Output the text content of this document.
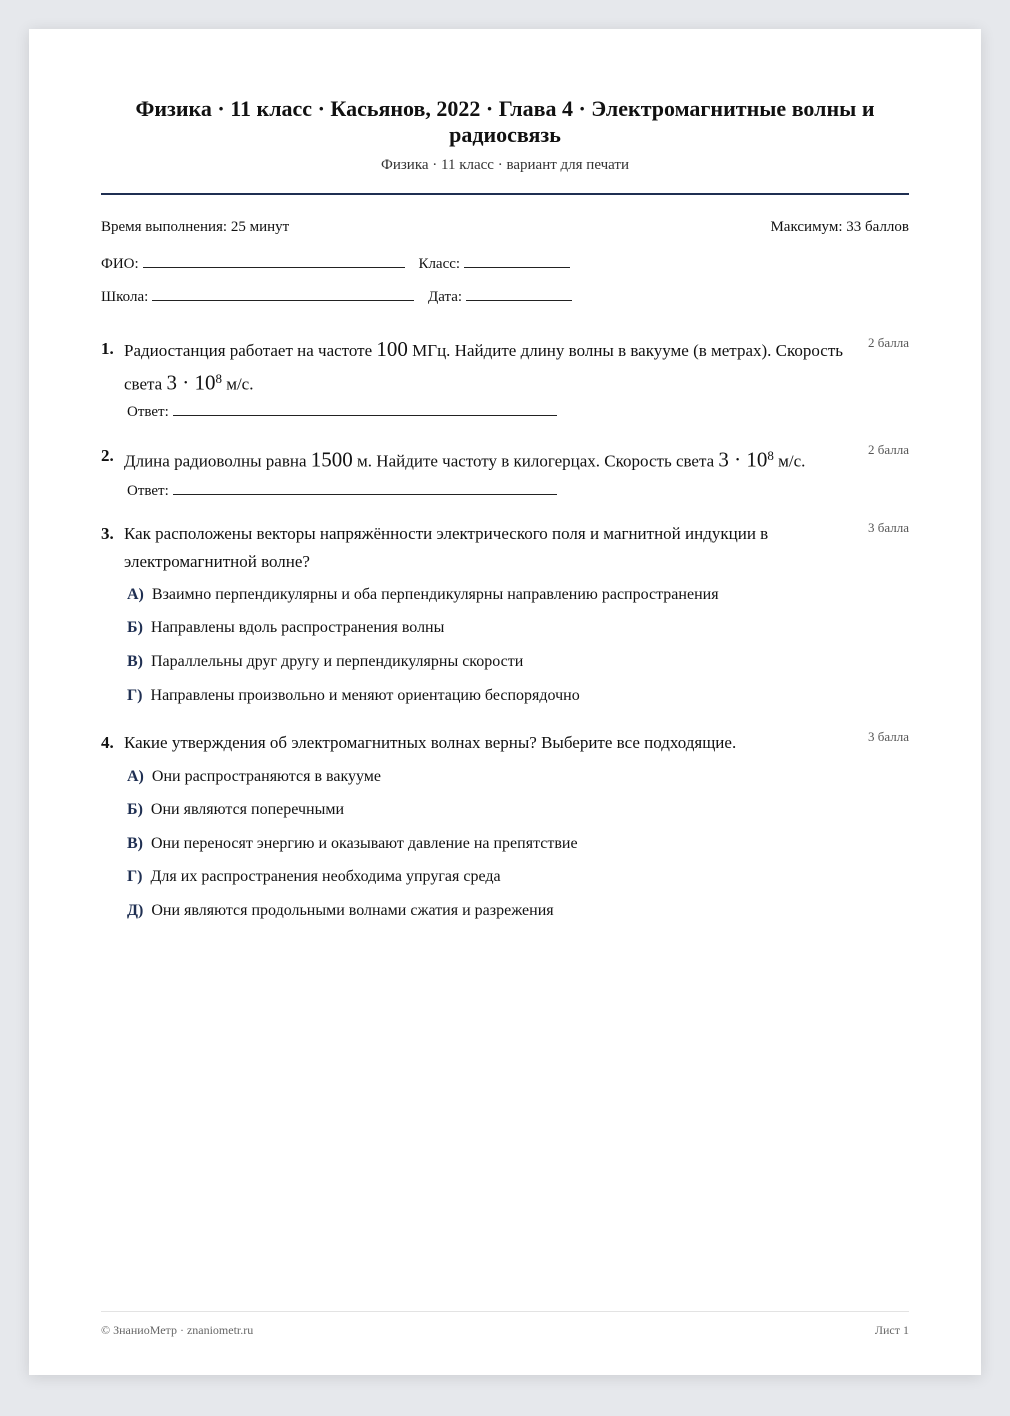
Физика · 11 класс · Касьянов, 2022 · Глава 4 · Электромагнитные волны и радиосвязь
Физика · 11 класс · вариант для печати
Время выполнения: 25 минут	Максимум: 33 баллов
ФИО:	Класс:
Школа:	Дата:
1. Радиостанция работает на частоте 100 МГц. Найдите длину волны в вакууме (в метрах). Скорость света $3 \cdot 10^8$ м/с.
2 балла
Ответ:
2. Длина радиоволны равна 1500 м. Найдите частоту в килогерцах. Скорость света $3 \cdot 10^8$ м/с.
2 балла
Ответ:
3. Как расположены векторы напряжённости электрического поля и магнитной индукции в электромагнитной волне?
3 балла
А) Взаимно перпендикулярны и оба перпендикулярны направлению распространения
Б) Направлены вдоль распространения волны
В) Параллельны друг другу и перпендикулярны скорости
Г) Направлены произвольно и меняют ориентацию беспорядочно
4. Какие утверждения об электромагнитных волнах верны? Выберите все подходящие.	3 балла
А) Они распространяются в вакууме
Б) Они являются поперечными
В) Они переносят энергию и оказывают давление на препятствие
Г) Для их распространения необходима упругая среда
Д) Они являются продольными волнами сжатия и разрежения
© ЗнаниоМетр · znaniometr.ru	Лист 1
